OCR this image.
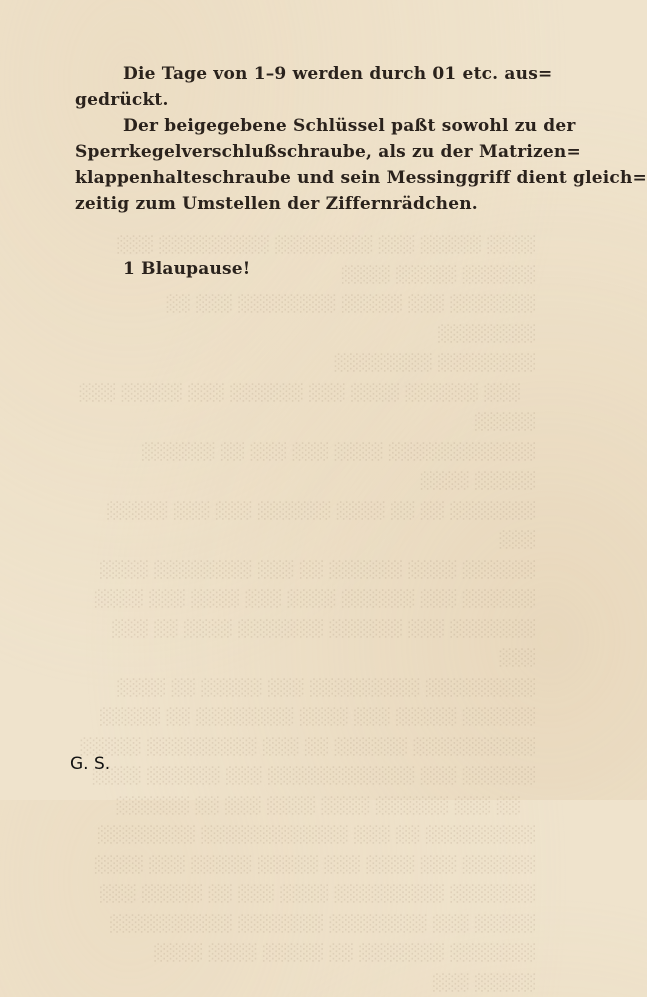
░░░░ ░░░░░ ░░░ ░░░░░░░░ ░░░░░░░░░ ░░░ ░░░░░░ ░░░░░ ░░░░
░░░░░░░ ░░░ ░░░░░ ░░░░░░░░ ░░░ ░░ ░░░░░░░░
░░░░░░░░ ░░░░░░░░
░░░ ░░░░░░ ░░░░ ░░░ ░░░░░░ ░░░ ░░░░░ ░░░ ░░░░░
░░░░░░░░░░░░ ░░░░ ░░░ ░░░ ░░ ░░░░░░ ░░░░░ ░░░░
░░░░░░░ ░░ ░░ ░░░░ ░░░░░░ ░░░ ░░░ ░░░░░ ░░░
░░░░░░ ░░░░ ░░░░░░ ░░ ░░░ ░░░░░░░░ ░░░░
░░░░░░ ░░░ ░░░░░░ ░░░░ ░░░ ░░░░ ░░░ ░░░░
░░░░░░░ ░░░ ░░░░░░ ░░░░░░░ ░░░░ ░░ ░░░ ░░░
░░░░░░░░░ ░░░░░░░░░ ░░░ ░░░░░ ░░ ░░░░
░░░░░░ ░░░░░ ░░░ ░░░░ ░░░░░░░░ ░░ ░░░░░
░░░░░░░░░░ ░░░░░░ ░░ ░░░ ░░░░░░░░░ ░░░░░
░░░░░░ ░░░ ░░░░░░░░░░░░ ░░░ ░░░░░░ ░░░░
░░ ░░░ ░░░░░░ ░░░░ ░░░░ ░░░ ░░ ░░░░░░
░░░░░░░░░ ░░ ░░░ ░░░░░░░░░░░░ ░░░░░░░░
░░░░░░ ░░░ ░░░░ ░░░ ░░░░░ ░░░░░ ░░░ ░░░░
░░░░░░░ ░░░░░░░░░ ░░░░ ░░░ ░░ ░░░░░ ░░░
░░░░░ ░░░ ░░░░░░░░ ░░░░░░░ ░░░░░░░░░░
░░░░░░░ ░░░░░░░ ░░ ░░░░░ ░░░░ ░░░░
░░░░░ ░░░

Die Tage von 1–9 werden durch 01 etc. aus=
gedrückt.

Der beigegebene Schlüssel paßt sowohl zu der
Sperrkegelverschlußschraube, als zu der Matrizen=
klappenhalteschraube und sein Messinggriff dient gleich=
zeitig zum Umstellen der Ziffernrädchen.

1 Blaupause!

G. S.
